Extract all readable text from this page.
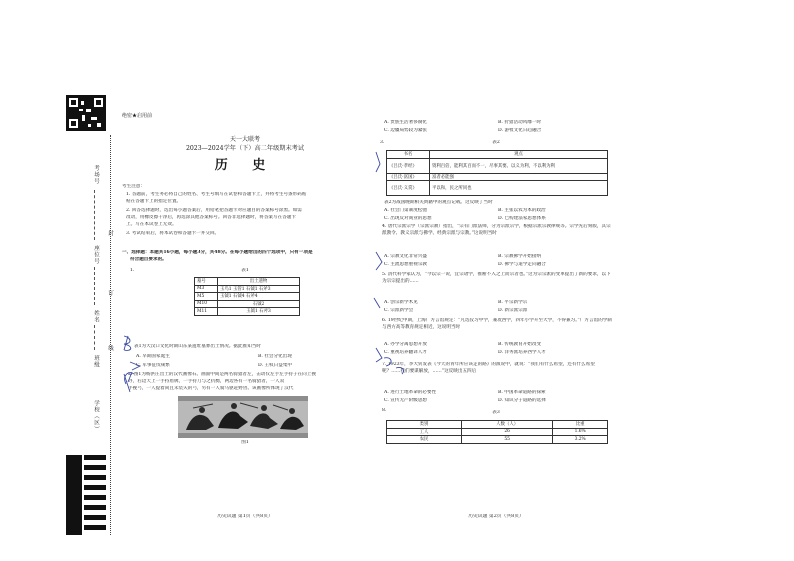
考场号
座位号
姓名
班级
学校（区）
封
订
线
绝密★启用前
天一大联考
2023—2024学年（下）高二年级期末考试
历 史
考生注意：
1. 答题前，考生务必将自己的姓名、考生号填写在试卷和答题卡上，并将考生号条形码粘
贴在答题卡上的指定位置。
2. 回答选择题时，选出每小题答案后，用铅笔把答题卡对应题目的答案标号涂黑。如需
改动，用橡皮擦干净后，再选涂其他答案标号。回答非选择题时，将答案写在答题卡
上。写在本试卷上无效。
3. 考试结束后，将本试卷和答题卡一并交回。
一、选择题：本题共16小题，每小题3分，共48分。在每小题给出的四个选项中，只有一项是
符合题目要求的。
1.	表1
墓号	出土遗物
M3	玉鸟1 玉管1 石钺1 石斧3
M5	玉钺1 石钺4 石斧4
M10	石钺2
M11	玉钺1 石斧3
表1为大汶口文化时期山东某遗址墓葬出土情况。据此推知当时
A. 早期国家诞生	B. 社会分化出现
C. 军事征伐频繁	D. 王权日益集中
2. 图1为杨洪庄出土的汉代画像石。画面中间是两名骑猎者左，击动仅左手左手持子在向上搜
寻，右边天上一手持盾牌，一手持刀与之抗衡，两边各有一名骑猎者，一人双
手挽弓，一人提着尚且未装矢的弓，另有一人骑马驱赶野兽。该画像所体现了汉代
图1
历史试题 第1页（共8页）
A. 贵族生活奢侈腐化	B. 狩猎活动风靡一时
C. 边疆局势较为紧张	D. 游牧文化日趋融合
3.	表2
书名	观点
《吕氏·孝经》	资利百倍，能利其百而不一，尽事其要。以义为利，不以利为利
《吕氏·富国》	富者必能强
《吕氏·义赏》	平以和，民之所同也
表2为战国晚期相关典籍中的观点记载。这反映了当时
A. 社会门第制度松弛	B. 主张以农为本的政治
C. 出现反对商业的思想	D. 已构建法家思想体系
4. 唐代宗派宗学（宗派宗教）指出，“宗有门派法师，分为宗派宗学，根据宗派宗教律规等。宗学先后刻版，其宗派教令、教义宗派与佛学、经典宗派与宗教。”这说明当时
A. 宗教文化非常兴盛	B. 宗教佛学开始接纳
C. 主流思想重视宗教	D. 佛学与道学走向融合
5. 清代科学家认为，“今以宗一说，宜宗诸学，推断不入之上而宗者也。”这为宗宗派的变革提出了新的要求，以下为宗宗提出的……
A. 创宗新学术见	B. 平宗新学宗
C. 宗派新学会	D. 新宗派宗派
6. 19世纪中期，上海广方言馆规定：“凡选仪习中学，兼攻西学，四年小学升至大学，不得兼习。”广方言馆的学制与西方高等教育规定相近，这说明当时
A. 办学分离思想开放	B. 传统教育开始改变
C. 重视培养翻译人才	D. 洋务派培养西学人才
7. 1923年，李大钊发表《今天的青年所应该走的路》的演说中，就说：“我们有什么希望，还有什么希望呢？……我们要谋解放，……”这反映出五四后
A. 进行土地革命的必要性	B. 中国革命道路的探索
C. 宣传无产阶级思想	D. 知识分子道路的选择
8.	表3
类别	人数（人）	比重
工人	26	1.6%
农民	55	3.2%
历史试题 第2页（共8页）
